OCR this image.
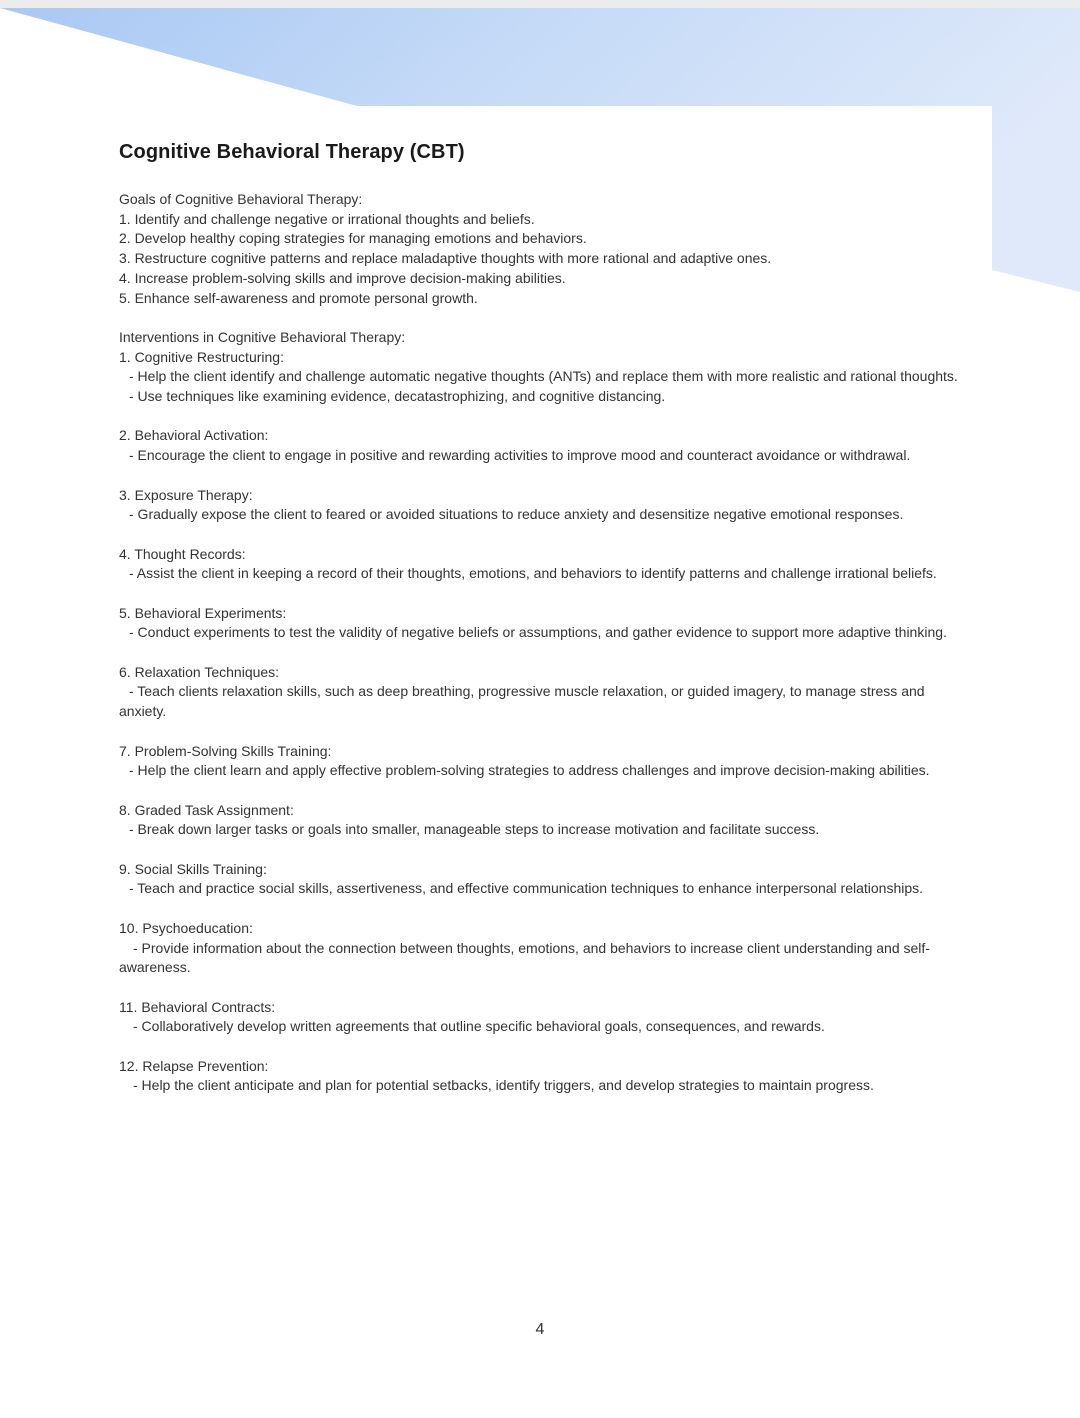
Cognitive Behavioral Therapy (CBT)
Goals of Cognitive Behavioral Therapy:
1. Identify and challenge negative or irrational thoughts and beliefs.
2. Develop healthy coping strategies for managing emotions and behaviors.
3. Restructure cognitive patterns and replace maladaptive thoughts with more rational and adaptive ones.
4. Increase problem-solving skills and improve decision-making abilities.
5. Enhance self-awareness and promote personal growth.
Interventions in Cognitive Behavioral Therapy:
1. Cognitive Restructuring:
- Help the client identify and challenge automatic negative thoughts (ANTs) and replace them with more realistic and rational thoughts.
- Use techniques like examining evidence, decatastrophizing, and cognitive distancing.
2. Behavioral Activation:
- Encourage the client to engage in positive and rewarding activities to improve mood and counteract avoidance or withdrawal.
3. Exposure Therapy:
- Gradually expose the client to feared or avoided situations to reduce anxiety and desensitize negative emotional responses.
4. Thought Records:
- Assist the client in keeping a record of their thoughts, emotions, and behaviors to identify patterns and challenge irrational beliefs.
5. Behavioral Experiments:
- Conduct experiments to test the validity of negative beliefs or assumptions, and gather evidence to support more adaptive thinking.
6. Relaxation Techniques:
- Teach clients relaxation skills, such as deep breathing, progressive muscle relaxation, or guided imagery, to manage stress and anxiety.
7. Problem-Solving Skills Training:
- Help the client learn and apply effective problem-solving strategies to address challenges and improve decision-making abilities.
8. Graded Task Assignment:
- Break down larger tasks or goals into smaller, manageable steps to increase motivation and facilitate success.
9. Social Skills Training:
- Teach and practice social skills, assertiveness, and effective communication techniques to enhance interpersonal relationships.
10. Psychoeducation:
- Provide information about the connection between thoughts, emotions, and behaviors to increase client understanding and self-awareness.
11. Behavioral Contracts:
- Collaboratively develop written agreements that outline specific behavioral goals, consequences, and rewards.
12. Relapse Prevention:
- Help the client anticipate and plan for potential setbacks, identify triggers, and develop strategies to maintain progress.
4
